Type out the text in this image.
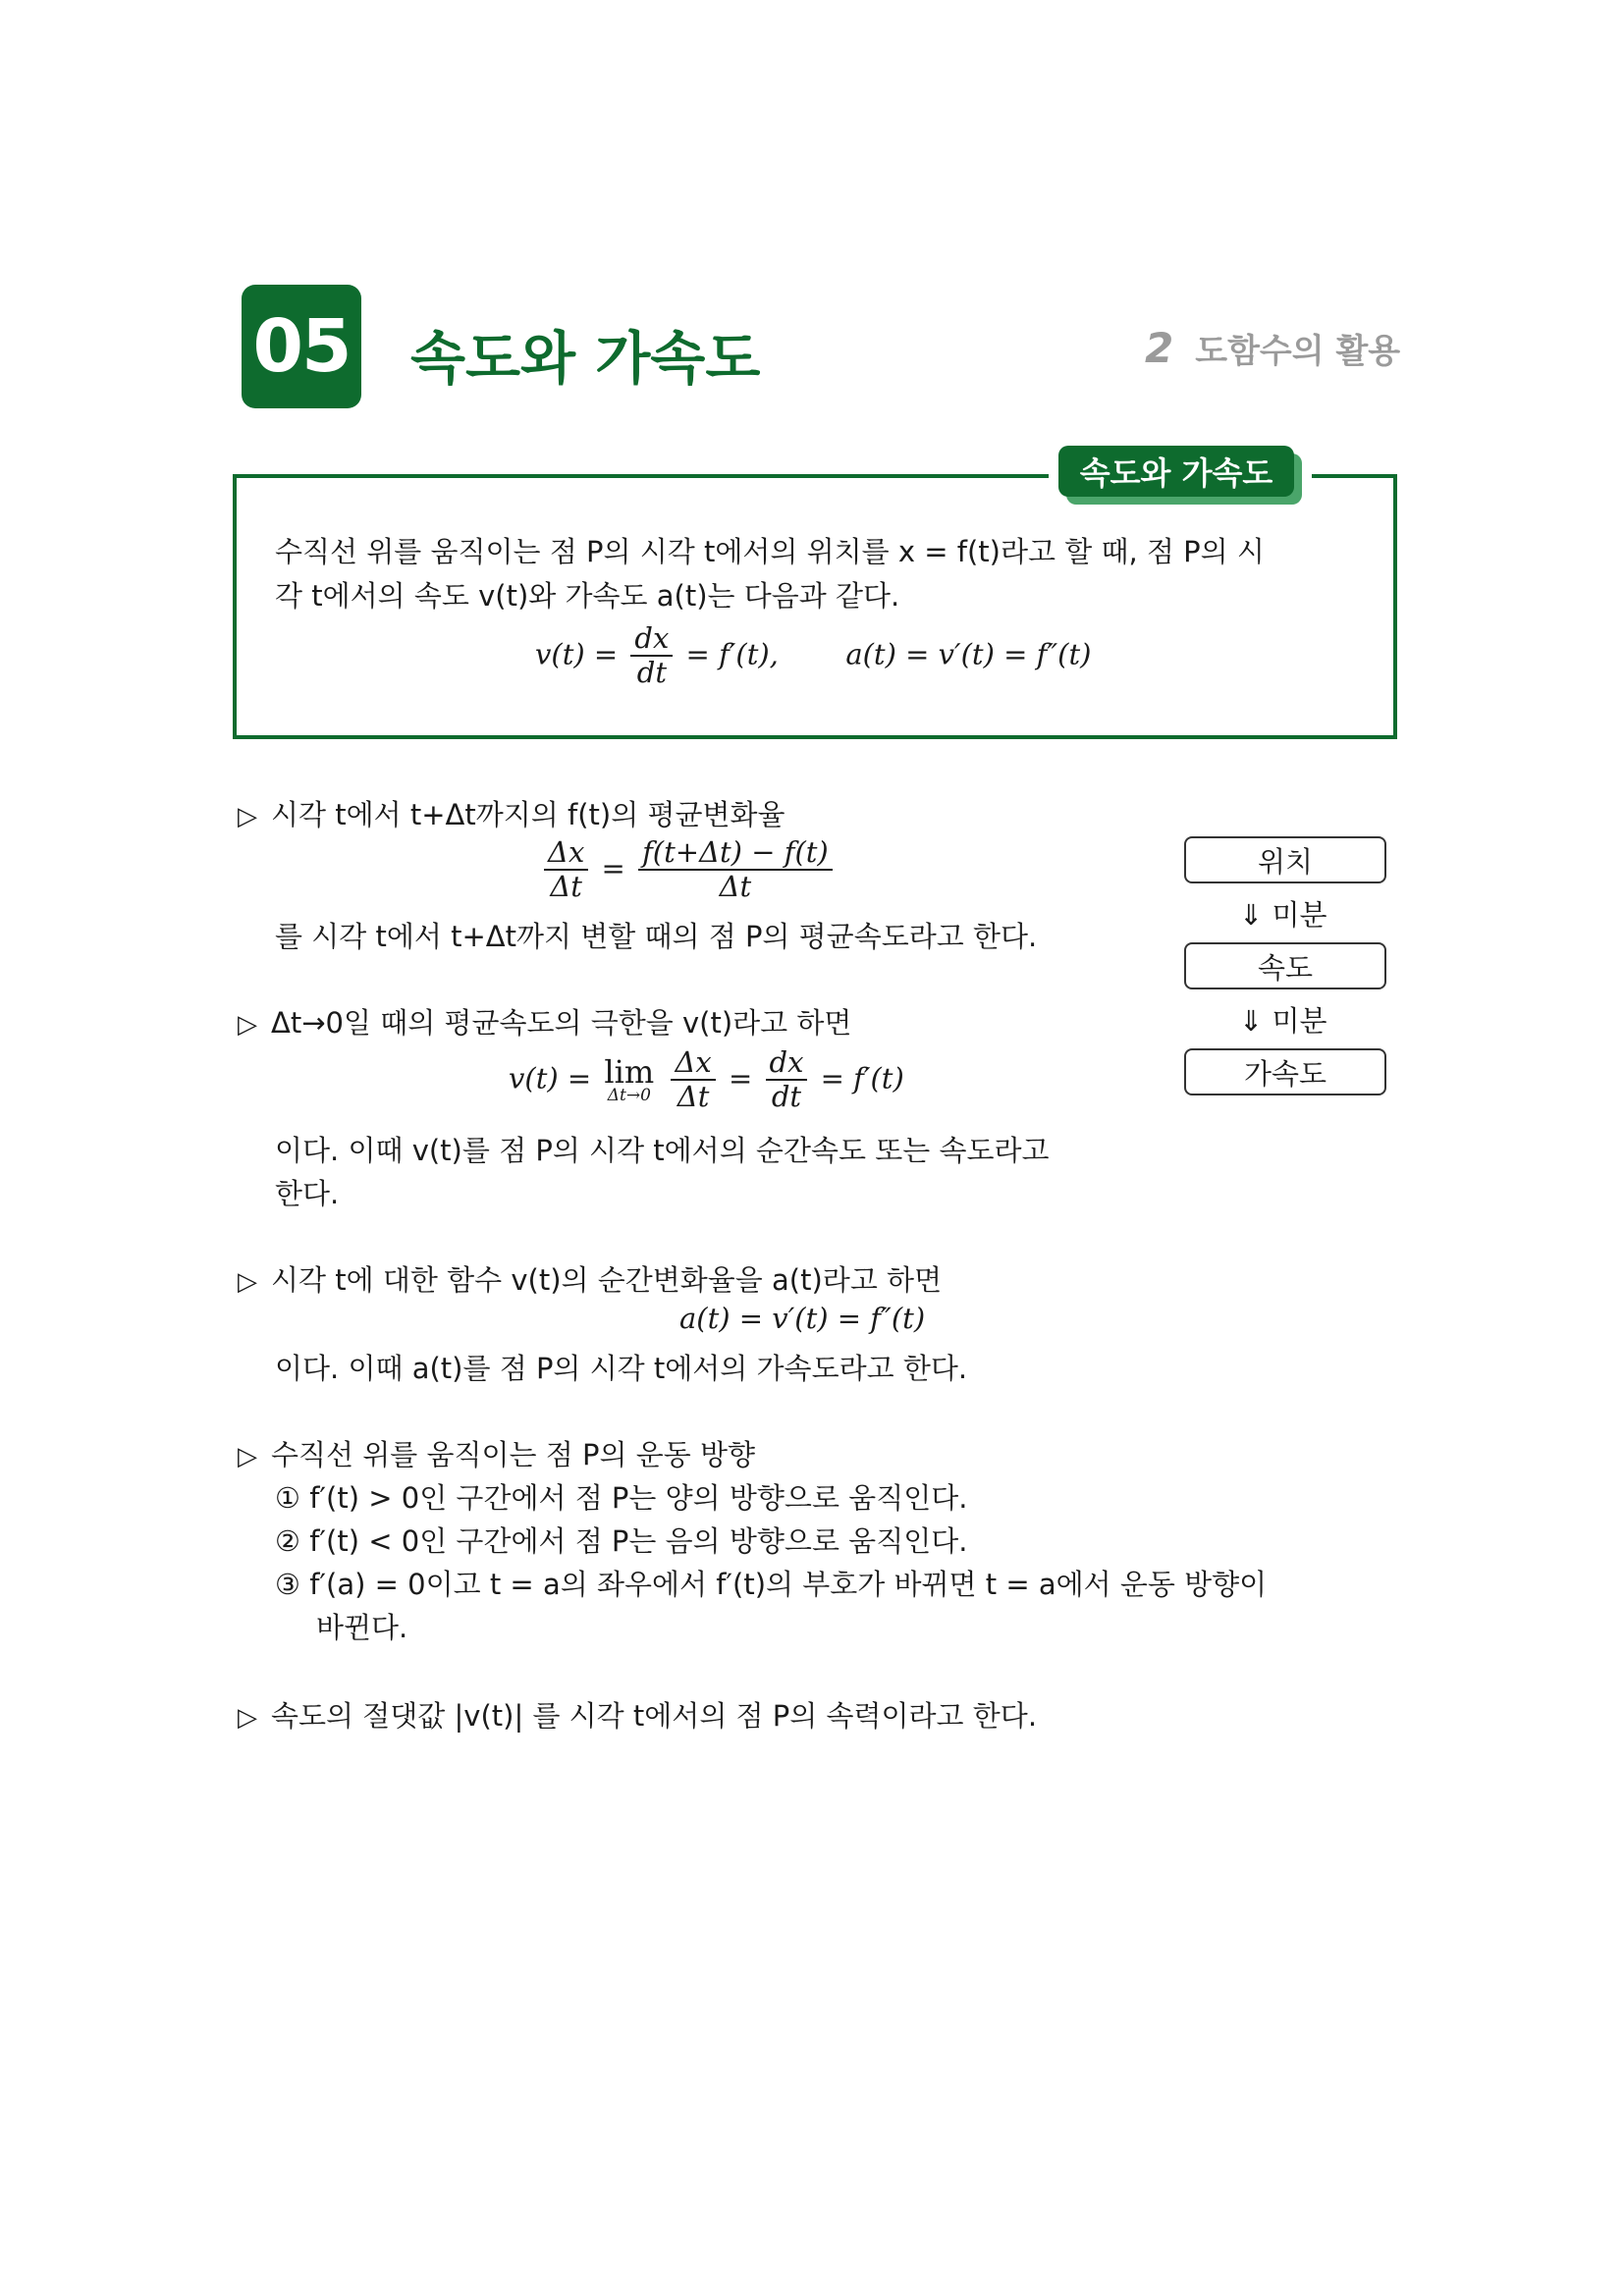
05 속도와 가속도	2 도함수의 활용
속도와 가속도
수직선 위를 움직이는 점 P의 시각 t에서의 위치를 x = f(t)라고 할 때, 점 P의 시
각 t에서의 속도 v(t)와 가속도 a(t)는 다음과 같다.
$v(t) = \frac{dx}{dt} = f'(t)$, a(t) = v′(t) = f″(t)
▷ 시각 t에서 t+Δt까지의 f(t)의 평균변화율
$\frac{\Delta x}{\Delta t} = \frac{f(t+\Delta t) - f(t)}{\Delta t}$
를 시각 t에서 t+Δt까지 변할 때의 점 P의 평균속도라고 한다.
▷ Δt→0일 때의 평균속도의 극한을 v(t)라고 하면
v(t) = lim
Δt→0
$\frac{\Delta x}{\Delta t} = \frac{dx}{dt} = f'(t)$
이다. 이때 v(t)를 점 P의 시각 t에서의 순간속도 또는 속도라고
한다.
▷ 시각 t에 대한 함수 v(t)의 순간변화율을 a(t)라고 하면
a(t) = v′(t) = f″(t)
이다. 이때 a(t)를 점 P의 시각 t에서의 가속도라고 한다.
▷ 수직선 위를 움직이는 점 P의 운동 방향
① f′(t) > 0인 구간에서 점 P는 양의 방향으로 움직인다.
② f′(t) < 0인 구간에서 점 P는 음의 방향으로 움직인다.
③ f′(a) = 0이고 t = a의 좌우에서 f′(t)의 부호가 바뀌면 t = a에서 운동 방향이
바뀐다.
▷ 속도의 절댓값 |v(t)| 를 시각 t에서의 점 P의 속력이라고 한다.
위치
⇓ 미분
속도
⇓ 미분
가속도
